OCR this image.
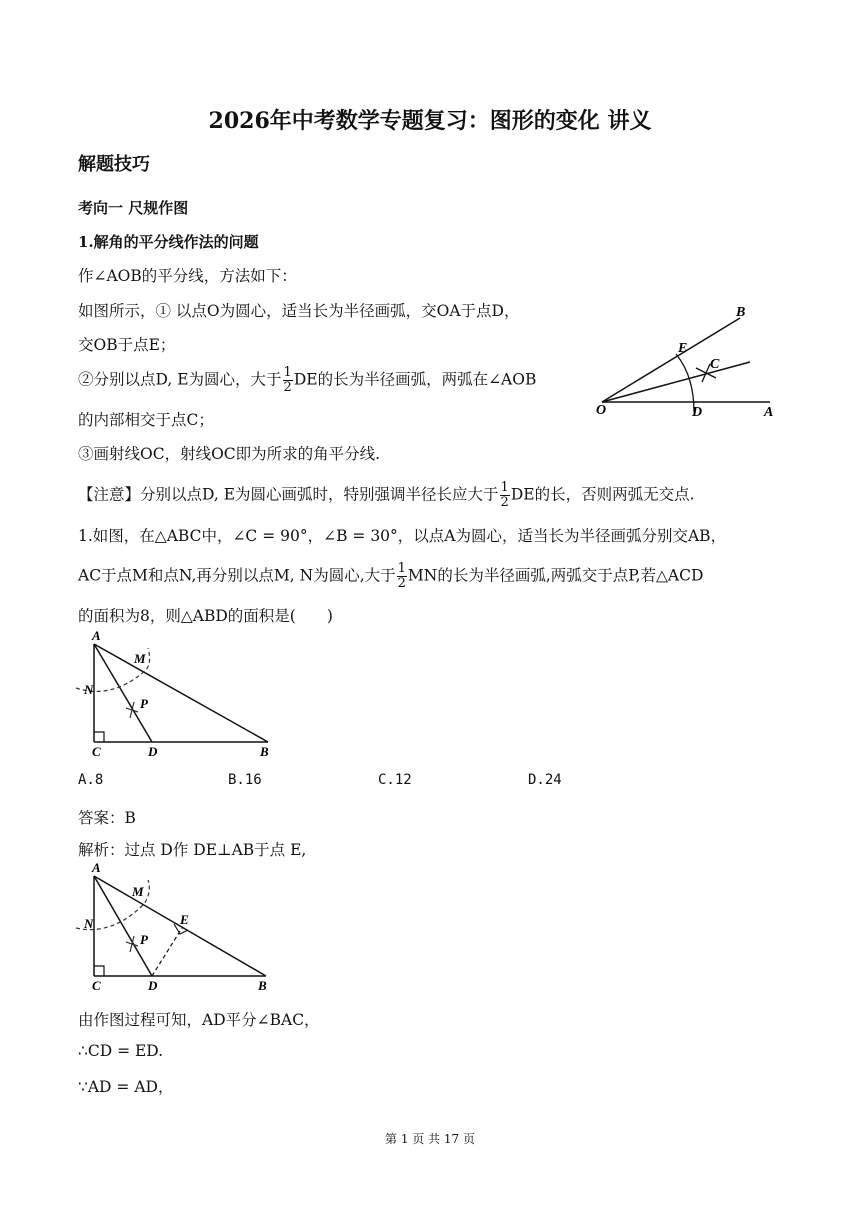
2026年中考数学专题复习：图形的变化 讲义
解题技巧
考向一 尺规作图
1.解角的平分线作法的问题
作∠AOB的平分线，方法如下：
如图所示，① 以点O为圆心，适当长为半径画弧，交OA于点D，
交OB于点E；
②分别以点D, E为圆心，大于 $\frac{1}{2}$ DE的长为半径画弧，两弧在∠AOB
的内部相交于点C；
③画射线OC，射线OC即为所求的角平分线.
O	A
B
C
D
E
【注意】分别以点D, E为圆心画弧时，特别强调半径长应大于 $\frac{1}{2}$ DE的长，否则两弧无交点.
1.如图，在△ABC中，∠C = 90°，∠B = 30°，以点A为圆心，适当长为半径画弧分别交AB，
AC于点M和点N,再分别以点M, N为圆心,大于 $\frac{1}{2}$ MN的长为半径画弧,两弧交于点P,若△ACD
的面积为8，则△ABD的面积是(　　)
A
C	D	B
M
N
P
A.8	B.16	C.12	D.24
答案：B
解析：过点 D作 DE⊥AB于点 E,
A
C	D	B
M
N
P
E
由作图过程可知，AD平分∠BAC，
∴CD = ED.
∵AD = AD，
第 1 页 共 17 页
